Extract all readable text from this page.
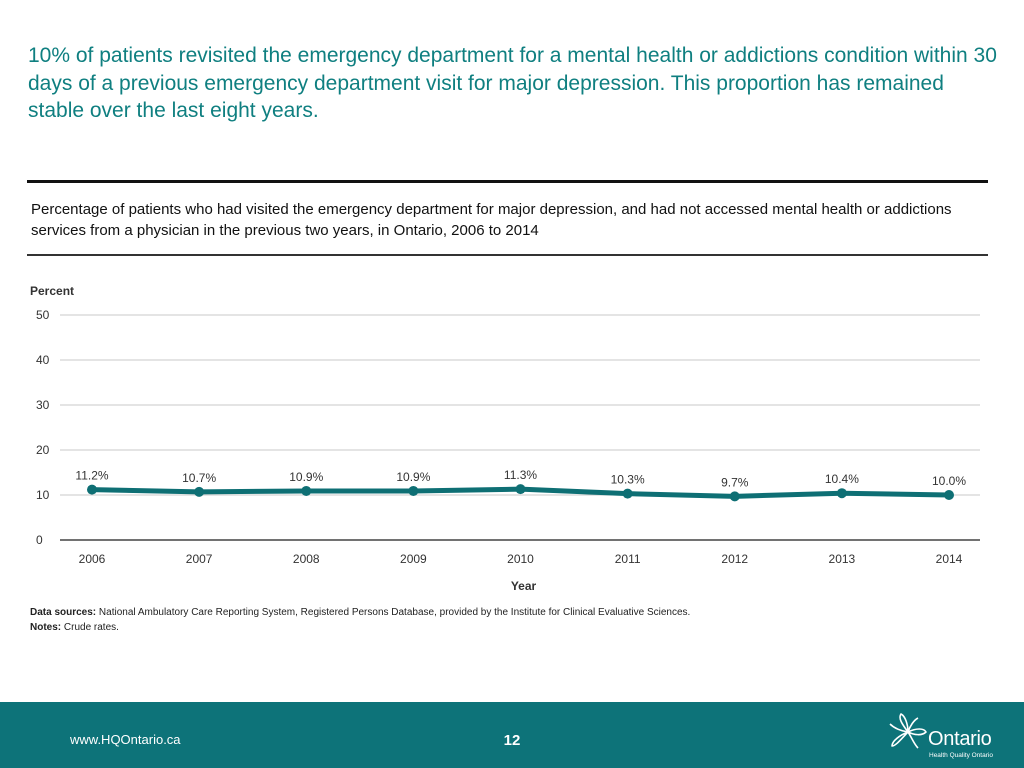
10% of patients revisited the emergency department for a mental health or addictions condition within 30 days of a previous emergency department visit for major depression. This proportion has remained stable over the last eight years.
Percentage of patients who had visited the emergency department for major depression, and had not accessed mental health or addictions services from a physician in the previous two years, in Ontario, 2006 to 2014
Percent
0
10
20
30
40
50
2006	2007	2008	2009	2010	2011	2012	2013	2014
Year
11.2%	10.7%	10.9%	10.9%	11.3%	10.3%	9.7%	10.4%	10.0%
Data sources: National Ambulatory Care Reporting System, Registered Persons Database, provided by the Institute for Clinical Evaluative Sciences.
Notes: Crude rates.
www.HQOntario.ca	12	Ontario
Health Quality Ontario
